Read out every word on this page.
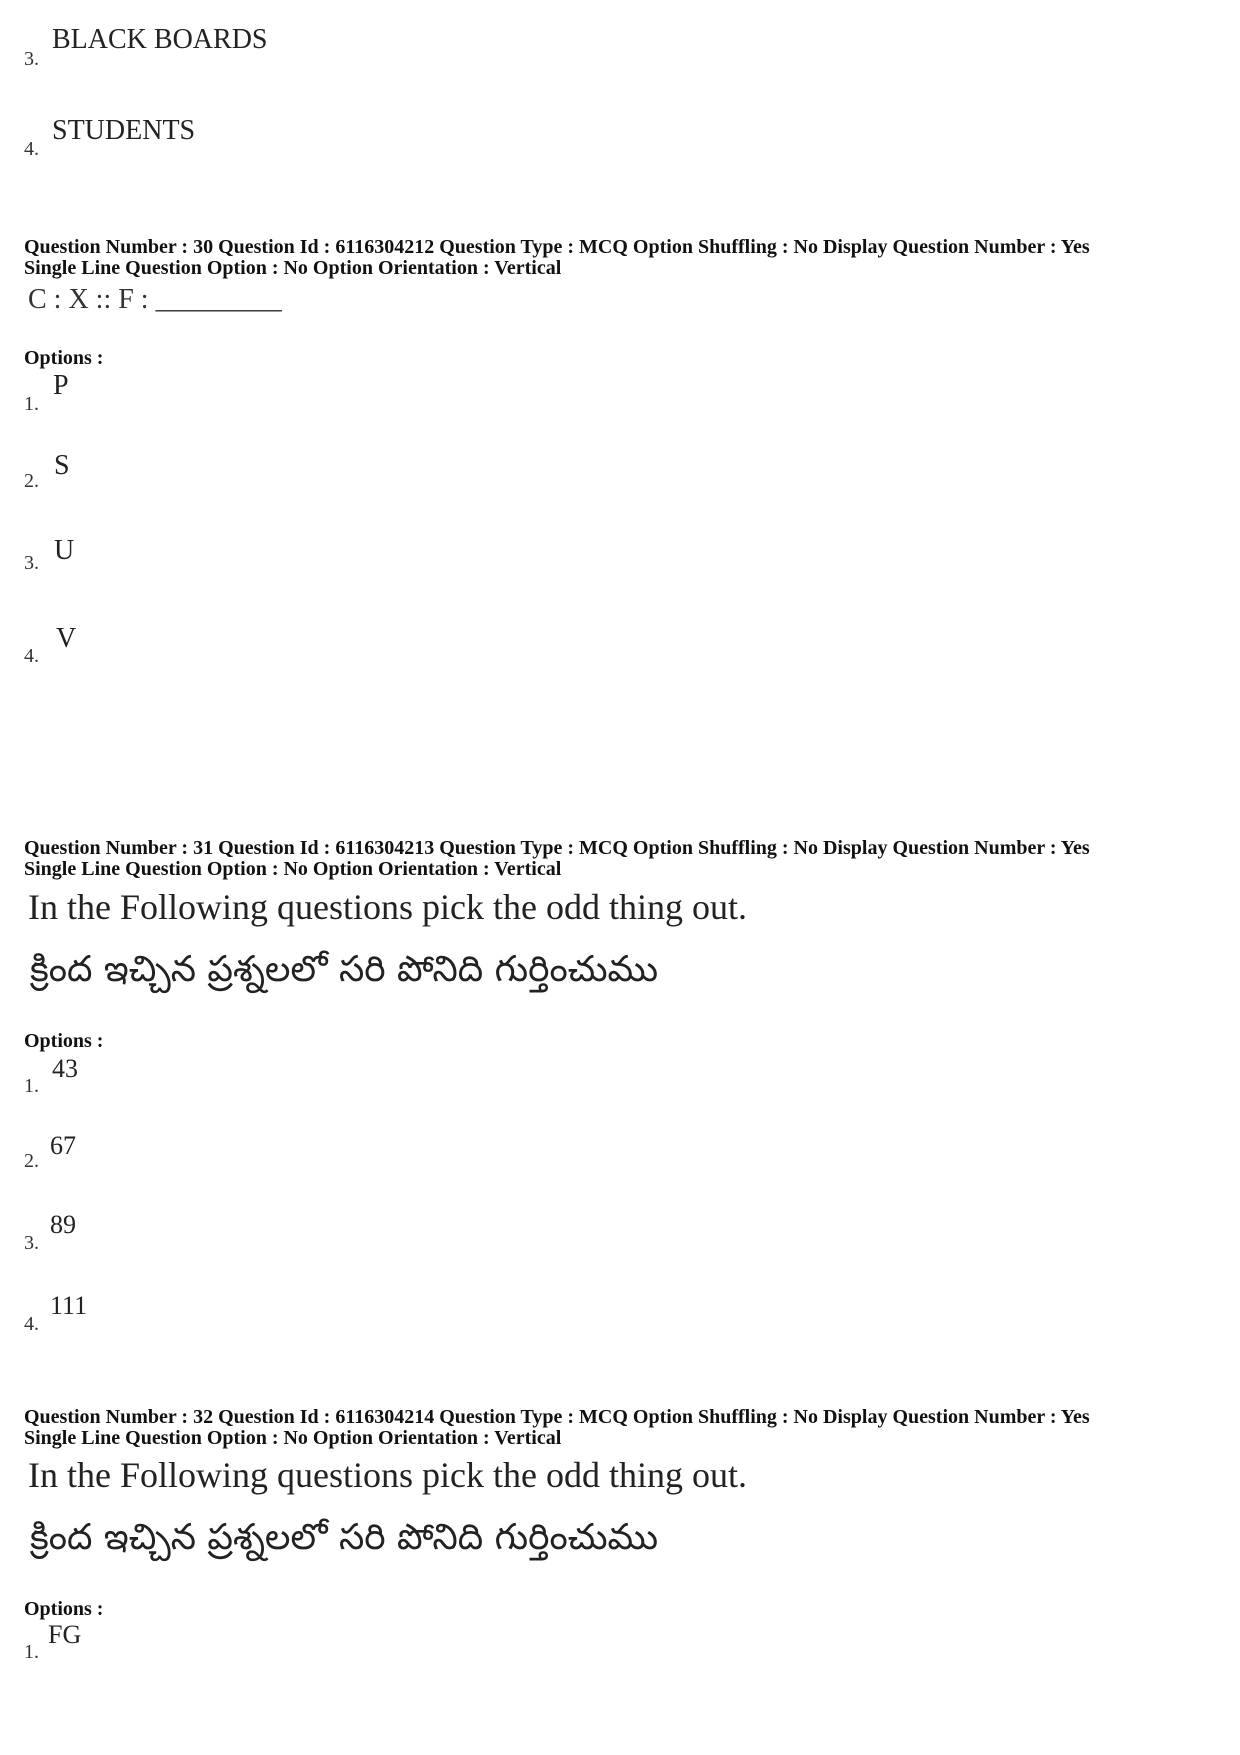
3.
BLACK BOARDS
4.
STUDENTS
Question Number : 30 Question Id : 6116304212 Question Type : MCQ Option Shuffling : No Display Question Number : Yes
Single Line Question Option : No Option Orientation : Vertical
C : X :: F : _________
Options :
1.
P
2. S
3. U
4.
V
Question Number : 31 Question Id : 6116304213 Question Type : MCQ Option Shuffling : No Display Question Number : Yes
Single Line Question Option : No Option Orientation : Vertical
In the Following questions pick the odd thing out.
క్రింద ఇచ్చిన ప్రశ్నలలో సరి పోనిది గుర్తించుము
Options :
1.
43
2.
67
3.
89
4.
111
Question Number : 32 Question Id : 6116304214 Question Type : MCQ Option Shuffling : No Display Question Number : Yes
Single Line Question Option : No Option Orientation : Vertical
In the Following questions pick the odd thing out.
క్రింద ఇచ్చిన ప్రశ్నలలో సరి పోనిది గుర్తించుము
Options :
1.
FG
